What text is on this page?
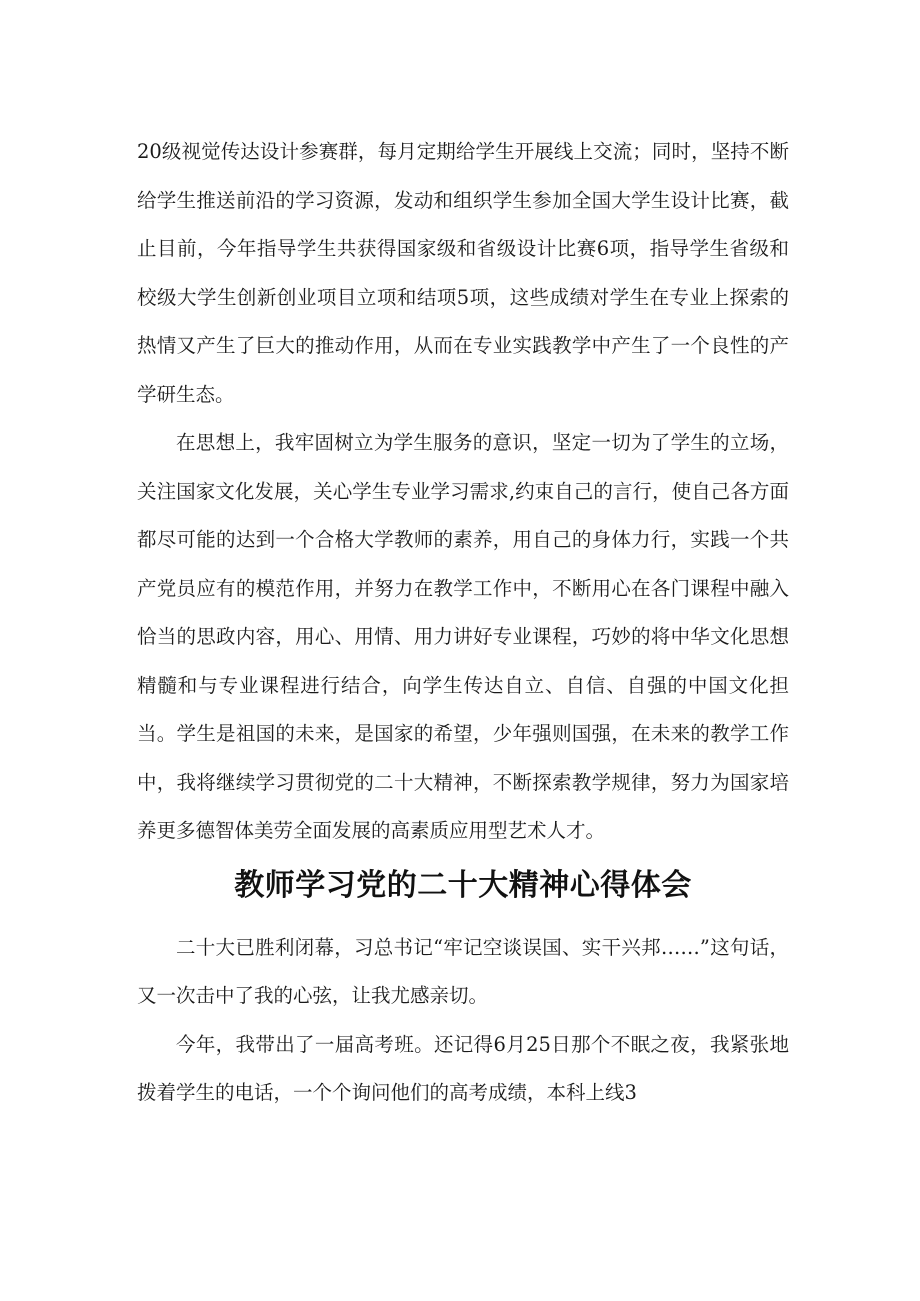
20级视觉传达设计参赛群，每月定期给学生开展线上交流；同时，坚持不断给学生推送前沿的学习资源，发动和组织学生参加全国大学生设计比赛，截止目前，今年指导学生共获得国家级和省级设计比赛6项，指导学生省级和校级大学生创新创业项目立项和结项5项，这些成绩对学生在专业上探索的热情又产生了巨大的推动作用，从而在专业实践教学中产生了一个良性的产学研生态。

在思想上，我牢固树立为学生服务的意识，坚定一切为了学生的立场，关注国家文化发展，关心学生专业学习需求,约束自己的言行，使自己各方面都尽可能的达到一个合格大学教师的素养，用自己的身体力行，实践一个共产党员应有的模范作用，并努力在教学工作中，不断用心在各门课程中融入恰当的思政内容，用心、用情、用力讲好专业课程，巧妙的将中华文化思想精髓和与专业课程进行结合，向学生传达自立、自信、自强的中国文化担当。学生是祖国的未来，是国家的希望，少年强则国强，在未来的教学工作中，我将继续学习贯彻党的二十大精神，不断探索教学规律，努力为国家培养更多德智体美劳全面发展的高素质应用型艺术人才。

教师学习党的二十大精神心得体会

二十大已胜利闭幕，习总书记“牢记空谈误国、实干兴邦……”这句话，又一次击中了我的心弦，让我尤感亲切。

今年，我带出了一届高考班。还记得6月25日那个不眠之夜，我紧张地拨着学生的电话，一个个询问他们的高考成绩，本科上线3
